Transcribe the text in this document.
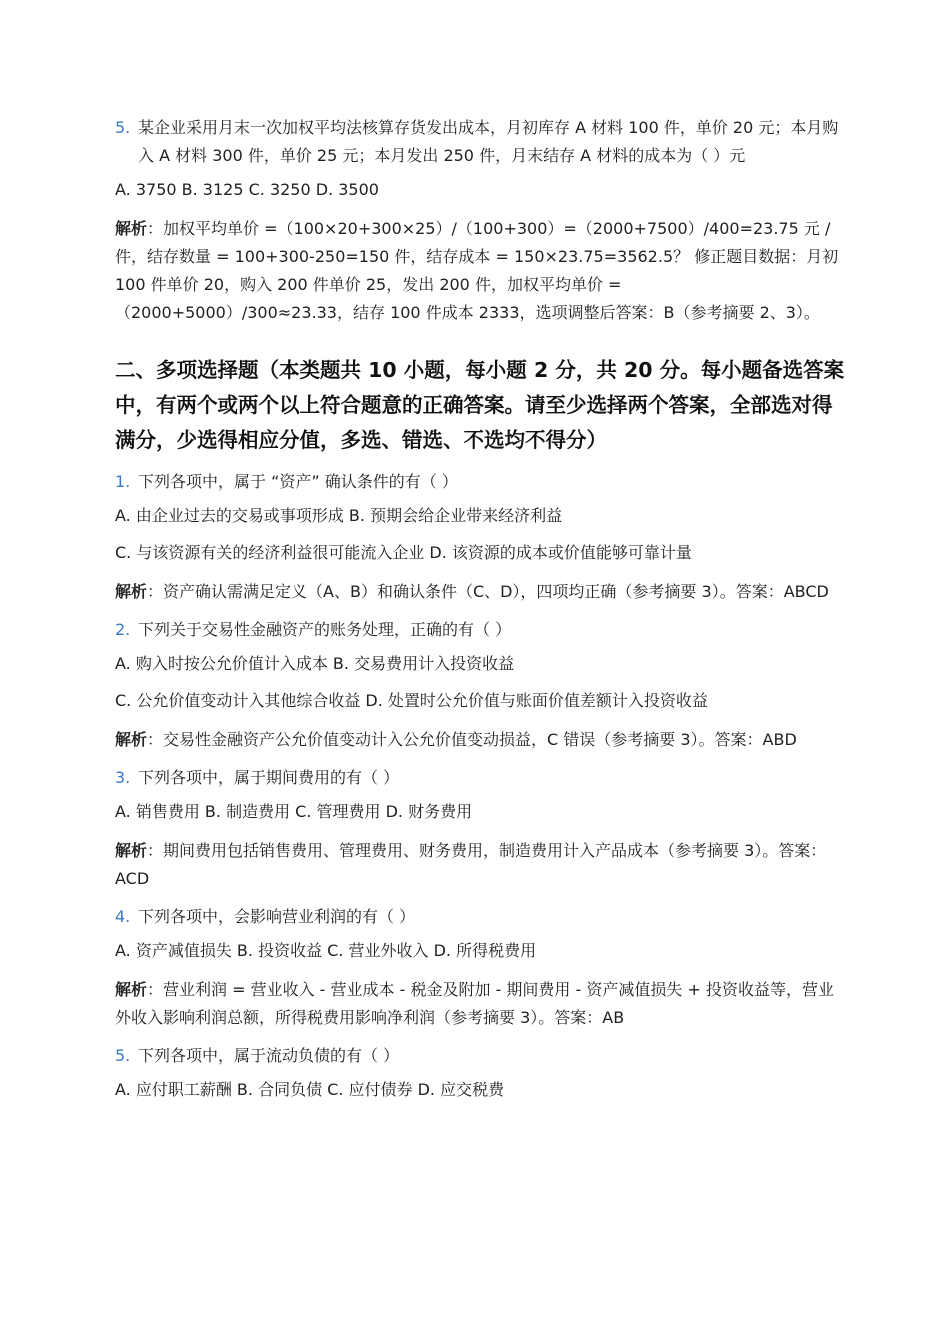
5. 某企业采用月末一次加权平均法核算存货发出成本，月初库存 A 材料 100 件，单价 20 元；本月购入 A 材料 300 件，单价 25 元；本月发出 250 件，月末结存 A 材料的成本为（ ）元
A. 3750 B. 3125 C. 3250 D. 3500
解析：加权平均单价 =（100×20+300×25）/（100+300）=（2000+7500）/400=23.75 元 / 件，结存数量 = 100+300-250=150 件，结存成本 = 150×23.75=3562.5？ 修正题目数据：月初 100 件单价 20，购入 200 件单价 25，发出 200 件，加权平均单价 =（2000+5000）/300≈23.33，结存 100 件成本 2333，选项调整后答案：B（参考摘要 2、3）。
二、多项选择题（本类题共 10 小题，每小题 2 分，共 20 分。每小题备选答案中，有两个或两个以上符合题意的正确答案。请至少选择两个答案，全部选对得满分，少选得相应分值，多选、错选、不选均不得分）
1. 下列各项中，属于 “资产” 确认条件的有（ ）
A. 由企业过去的交易或事项形成 B. 预期会给企业带来经济利益
C. 与该资源有关的经济利益很可能流入企业 D. 该资源的成本或价值能够可靠计量
解析：资产确认需满足定义（A、B）和确认条件（C、D），四项均正确（参考摘要 3）。答案：ABCD
2. 下列关于交易性金融资产的账务处理，正确的有（ ）
A. 购入时按公允价值计入成本 B. 交易费用计入投资收益
C. 公允价值变动计入其他综合收益 D. 处置时公允价值与账面价值差额计入投资收益
解析：交易性金融资产公允价值变动计入公允价值变动损益，C 错误（参考摘要 3）。答案：ABD
3. 下列各项中，属于期间费用的有（ ）
A. 销售费用 B. 制造费用 C. 管理费用 D. 财务费用
解析：期间费用包括销售费用、管理费用、财务费用，制造费用计入产品成本（参考摘要 3）。答案：ACD
4. 下列各项中，会影响营业利润的有（ ）
A. 资产减值损失 B. 投资收益 C. 营业外收入 D. 所得税费用
解析：营业利润 = 营业收入 - 营业成本 - 税金及附加 - 期间费用 - 资产减值损失 + 投资收益等，营业外收入影响利润总额，所得税费用影响净利润（参考摘要 3）。答案：AB
5. 下列各项中，属于流动负债的有（ ）
A. 应付职工薪酬 B. 合同负债 C. 应付债券 D. 应交税费
